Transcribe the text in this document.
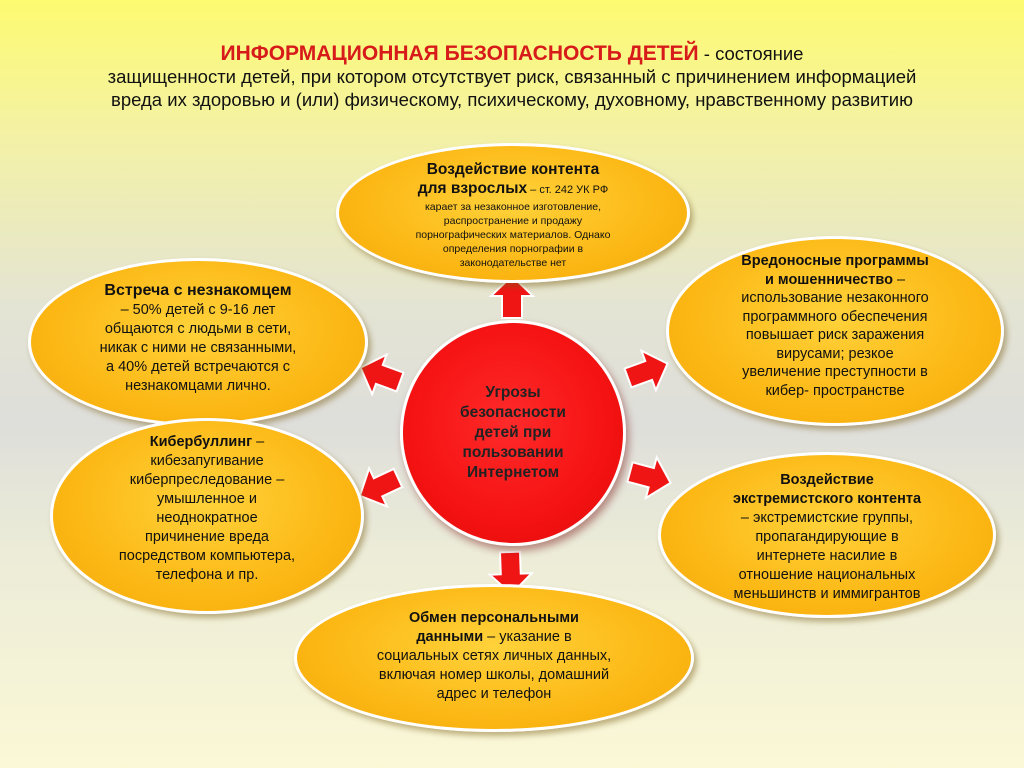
ИНФОРМАЦИОННАЯ БЕЗОПАСНОСТЬ ДЕТЕЙ - состояние
защищенности детей, при котором отсутствует риск, связанный с причинением информацией
вреда их здоровью и (или) физическому, психическому, духовному, нравственному развитию
Воздействие контента
для взрослых – ст. 242 УК РФ
карает за незаконное изготовление,
распространение и продажу
порнографических материалов. Однако
определения порнографии в
законодательстве нет	Вредоносные программы
и мошенничество –
использование незаконного
программного обеспечения
повышает риск заражения
вирусами; резкое
увеличение преступности в
кибер- пространстве
Встреча с незнакомцем
– 50% детей с 9-16 лет
общаются с людьми в сети,
никак с ними не связанными,
а 40% детей встречаются с
незнакомцами лично.
Кибербуллинг –
кибезапугивание
киберпреследование –
умышленное и
неоднократное
причинение вреда
посредством компьютера,
телефона и пр.
Воздействие
экстремистского контента
– экстремистские группы,
пропагандирующие в
интернете насилие в
отношение национальных
меньшинств и иммигрантов
Обмен персональными
данными – указание в
социальных сетях личных данных,
включая номер школы, домашний
адрес и телефон
Угрозы
безопасности
детей при
пользовании
Интернетом
